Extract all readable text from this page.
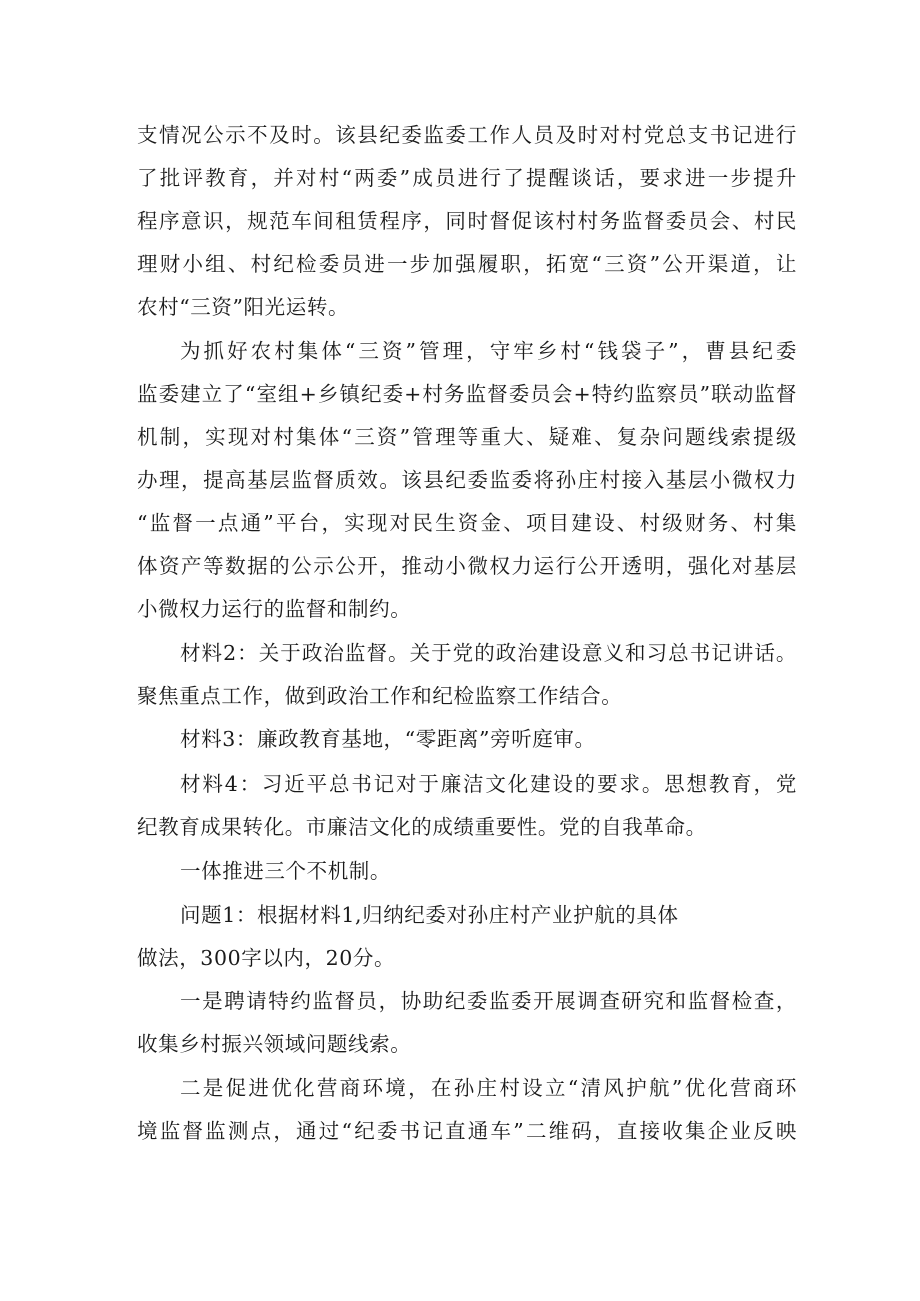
支情况公示不及时。该县纪委监委工作人员及时对村党总支书记进行
了批评教育，并对村“两委”成员进行了提醒谈话，要求进一步提升
程序意识，规范车间租赁程序，同时督促该村村务监督委员会、村民
理财小组、村纪检委员进一步加强履职，拓宽“三资”公开渠道，让
农村“三资”阳光运转。
为抓好农村集体“三资”管理，守牢乡村“钱袋子”，曹县纪委
监委建立了“室组+乡镇纪委+村务监督委员会+特约监察员”联动监督
机制，实现对村集体“三资”管理等重大、疑难、复杂问题线索提级
办理，提高基层监督质效。该县纪委监委将孙庄村接入基层小微权力
“监督一点通”平台，实现对民生资金、项目建设、村级财务、村集
体资产等数据的公示公开，推动小微权力运行公开透明，强化对基层
小微权力运行的监督和制约。
材料2：关于政治监督。关于党的政治建设意义和习总书记讲话。
聚焦重点工作，做到政治工作和纪检监察工作结合。
材料3：廉政教育基地，“零距离”旁听庭审。
材料4：习近平总书记对于廉洁文化建设的要求。思想教育，党
纪教育成果转化。市廉洁文化的成绩重要性。党的自我革命。
一体推进三个不机制。
问题1：根据材料1,归纳纪委对孙庄村产业护航的具体
做法，300字以内，20分。
一是聘请特约监督员，协助纪委监委开展调查研究和监督检查，
收集乡村振兴领域问题线索。
二是促进优化营商环境，在孙庄村设立“清风护航”优化营商环
境监督监测点，通过“纪委书记直通车”二维码，直接收集企业反映
